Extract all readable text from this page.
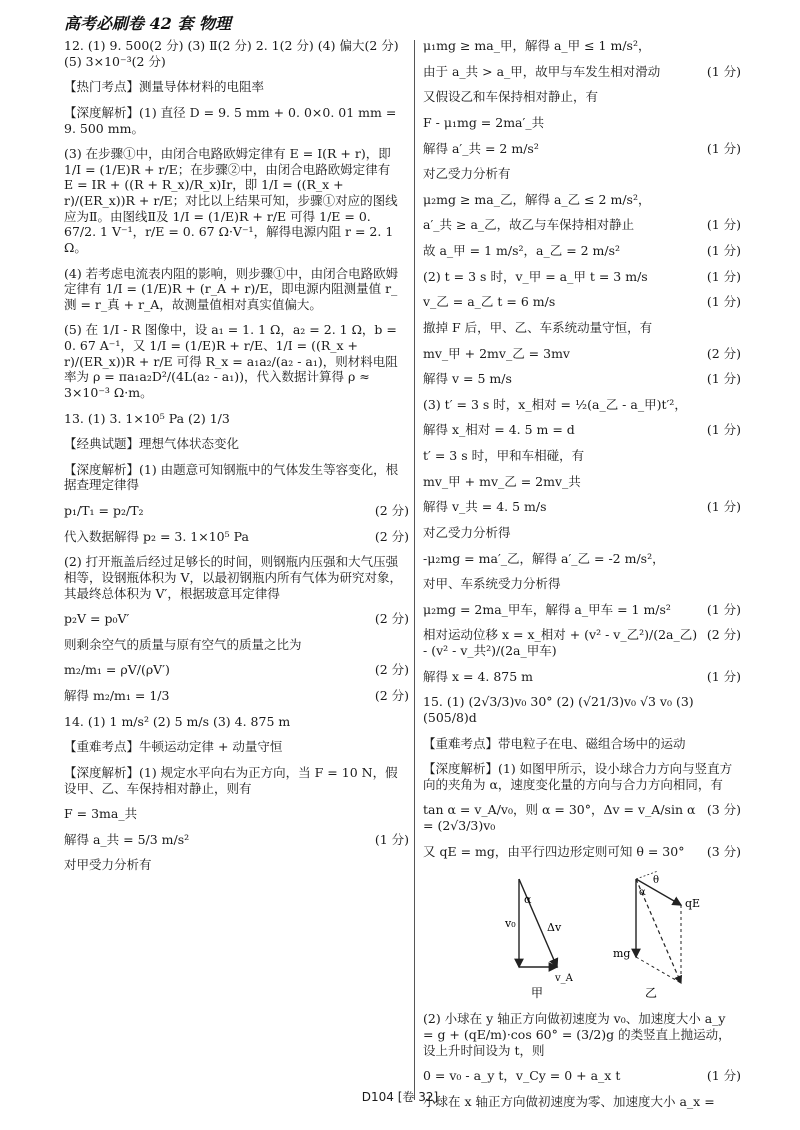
高考必刷卷 42 套 物理
12. (1) 9. 500(2 分) (3) Ⅱ(2 分) 2. 1(2 分) (4) 偏大(2 分) (5) 3×10⁻³(2 分)
【热门考点】测量导体材料的电阻率
【深度解析】(1) 直径 D = 9. 5 mm + 0. 0×0. 01 mm = 9. 500 mm。
(3) 在步骤①中，由闭合电路欧姆定律有 E = I(R + r)，即 1/I = (1/E)R + r/E；在步骤②中，由闭合电路欧姆定律有 E = IR + ((R + R_x)/R_x)Ir，即 1/I = ((R_x + r)/(ER_x))R + r/E；对比以上结果可知，步骤①对应的图线应为Ⅱ。由图线Ⅱ及 1/I = (1/E)R + r/E 可得 1/E = 0. 67/2. 1 V⁻¹，r/E = 0. 67 Ω·V⁻¹，解得电源内阻 r = 2. 1 Ω。
(4) 若考虑电流表内阻的影响，则步骤①中，由闭合电路欧姆定律有 1/I = (1/E)R + (r_A + r)/E，即电源内阻测量值 r_测 = r_真 + r_A，故测量值相对真实值偏大。
(5) 在 1/I - R 图像中，设 a₁ = 1. 1 Ω，a₂ = 2. 1 Ω，b = 0. 67 A⁻¹，又 1/I = (1/E)R + r/E、1/I = ((R_x + r)/(ER_x))R + r/E 可得 R_x = a₁a₂/(a₂ - a₁)，则材料电阻率为 ρ = πa₁a₂D²/(4L(a₂ - a₁))，代入数据计算得 ρ ≈ 3×10⁻³ Ω·m。
13. (1) 3. 1×10⁵ Pa (2) 1/3
【经典试题】理想气体状态变化
【深度解析】(1) 由题意可知钢瓶中的气体发生等容变化，根据查理定律得
p₁/T₁ = p₂/T₂	(2 分)
代入数据解得 p₂ = 3. 1×10⁵ Pa	(2 分)
(2) 打开瓶盖后经过足够长的时间，则钢瓶内压强和大气压强相等，设钢瓶体积为 V，以最初钢瓶内所有气体为研究对象，其最终总体积为 V′，根据玻意耳定律得
p₂V = p₀V′	(2 分)
则剩余空气的质量与原有空气的质量之比为
m₂/m₁ = ρV/(ρV′)	(2 分)
解得 m₂/m₁ = 1/3	(2 分)
14. (1) 1 m/s² (2) 5 m/s (3) 4. 875 m
【重难考点】牛顿运动定律 + 动量守恒
【深度解析】(1) 规定水平向右为正方向，当 F = 10 N，假设甲、乙、车保持相对静止，则有
F = 3ma_共
解得 a_共 = 5/3 m/s²	(1 分)
对甲受力分析有
μ₁mg ≥ ma_甲，解得 a_甲 ≤ 1 m/s²，
由于 a_共 > a_甲，故甲与车发生相对滑动	(1 分)
又假设乙和车保持相对静止，有
F - μ₁mg = 2ma′_共
解得 a′_共 = 2 m/s²	(1 分)
对乙受力分析有
μ₂mg ≥ ma_乙，解得 a_乙 ≤ 2 m/s²，
a′_共 ≥ a_乙，故乙与车保持相对静止	(1 分)
故 a_甲 = 1 m/s²，a_乙 = 2 m/s²	(1 分)
(2) t = 3 s 时，v_甲 = a_甲 t = 3 m/s	(1 分)
v_乙 = a_乙 t = 6 m/s	(1 分)
撤掉 F 后，甲、乙、车系统动量守恒，有
mv_甲 + 2mv_乙 = 3mv	(2 分)
解得 v = 5 m/s	(1 分)
(3) t′ = 3 s 时，x_相对 = ½(a_乙 - a_甲)t′²，
解得 x_相对 = 4. 5 m = d	(1 分)
t′ = 3 s 时，甲和车相碰，有
mv_甲 + mv_乙 = 2mv_共
解得 v_共 = 4. 5 m/s	(1 分)
对乙受力分析得
-μ₂mg = ma′_乙，解得 a′_乙 = -2 m/s²，
对甲、车系统受力分析得
μ₂mg = 2ma_甲车，解得 a_甲车 = 1 m/s²	(1 分)
相对运动位移 x = x_相对 + (v² - v_乙²)/(2a_乙) - (v² - v_共²)/(2a_甲车)
(2 分)
解得 x = 4. 875 m	(1 分)
15. (1) (2√3/3)v₀ 30° (2) (√21/3)v₀ √3 v₀ (3) (505/8)d
【重难考点】带电粒子在电、磁组合场中的运动
【深度解析】(1) 如图甲所示，设小球合力方向与竖直方向的夹角为 α，速度变化量的方向与合力方向相同，有
tan α = v_A/v₀，则 α = 30°，Δv = v_A/sin α = (2√3/3)v₀
(3 分)
又 qE = mg，由平行四边形定则可知 θ = 30°	(3 分)
v₀
α
Δv
v_A
α
θ
qE
mg
甲	乙
(2) 小球在 y 轴正方向做初速度为 v₀、加速度大小 a_y = g + (qE/m)·cos 60° = (3/2)g 的类竖直上抛运动，设上升时间设为 t，则
0 = v₀ - a_y t，v_Cy = 0 + a_x t	(1 分)
小球在 x 轴正方向做初速度为零、加速度大小 a_x =
D104 [卷 32]
